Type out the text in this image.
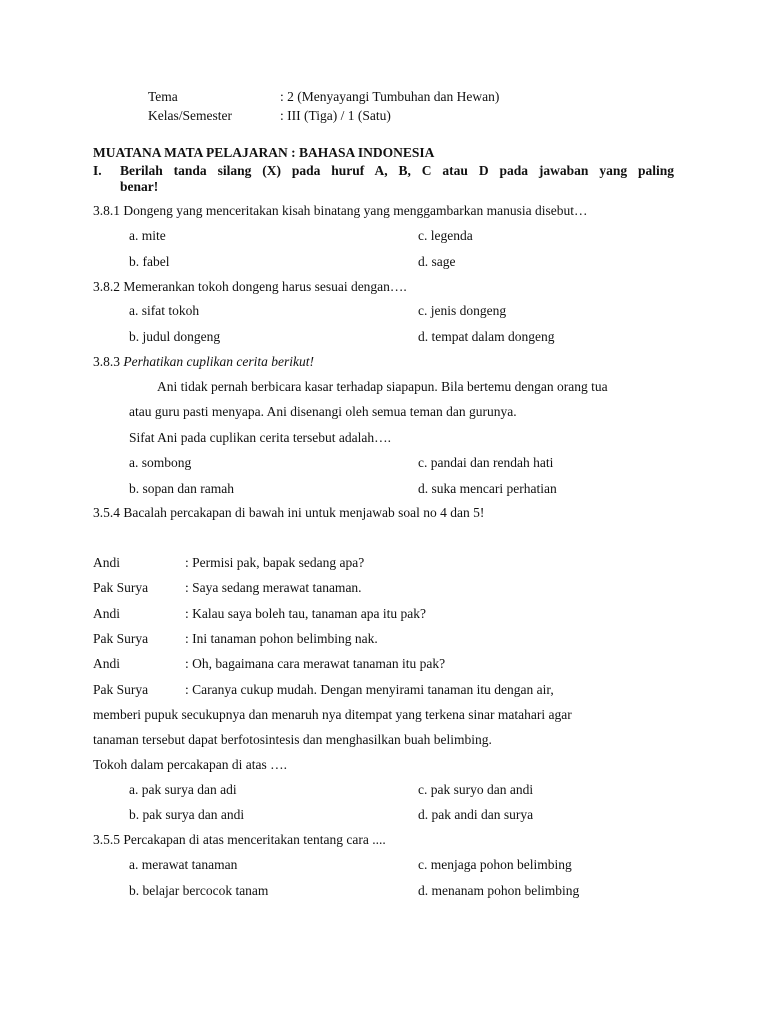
Tema	: 2 (Menyayangi Tumbuhan dan Hewan)
Kelas/Semester	: III (Tiga) / 1 (Satu)
MUATANA MATA PELAJARAN : BAHASA INDONESIA
I. Berilah tanda silang (X) pada huruf A, B, C atau D pada jawaban yang paling
benar!
3.8.1 Dongeng yang menceritakan kisah binatang yang menggambarkan manusia disebut…
a. mite	c. legenda
b. fabel	d. sage
3.8.2 Memerankan tokoh dongeng harus sesuai dengan….
a. sifat tokoh	c. jenis dongeng
b. judul dongeng	d. tempat dalam dongeng
3.8.3 Perhatikan cuplikan cerita berikut!
Ani tidak pernah berbicara kasar terhadap siapapun. Bila bertemu dengan orang tua
atau guru pasti menyapa. Ani disenangi oleh semua teman dan gurunya.
Sifat Ani pada cuplikan cerita tersebut adalah….
a. sombong	c. pandai dan rendah hati
b. sopan dan ramah	d. suka mencari perhatian
3.5.4 Bacalah percakapan di bawah ini untuk menjawab soal no 4 dan 5!
Andi	: Permisi pak, bapak sedang apa?
Pak Surya	: Saya sedang merawat tanaman.
Andi	: Kalau saya boleh tau, tanaman apa itu pak?
Pak Surya	: Ini tanaman pohon belimbing nak.
Andi	: Oh, bagaimana cara merawat tanaman itu pak?
Pak Surya	: Caranya cukup mudah. Dengan menyirami tanaman itu dengan air,
memberi pupuk secukupnya dan menaruh nya ditempat yang terkena sinar matahari agar
tanaman tersebut dapat berfotosintesis dan menghasilkan buah belimbing.
Tokoh dalam percakapan di atas ….
a. pak surya dan adi	c. pak suryo dan andi
b. pak surya dan andi	d. pak andi dan surya
3.5.5 Percakapan di atas menceritakan tentang cara ....
a. merawat tanaman	c. menjaga pohon belimbing
b. belajar bercocok tanam	d. menanam pohon belimbing
